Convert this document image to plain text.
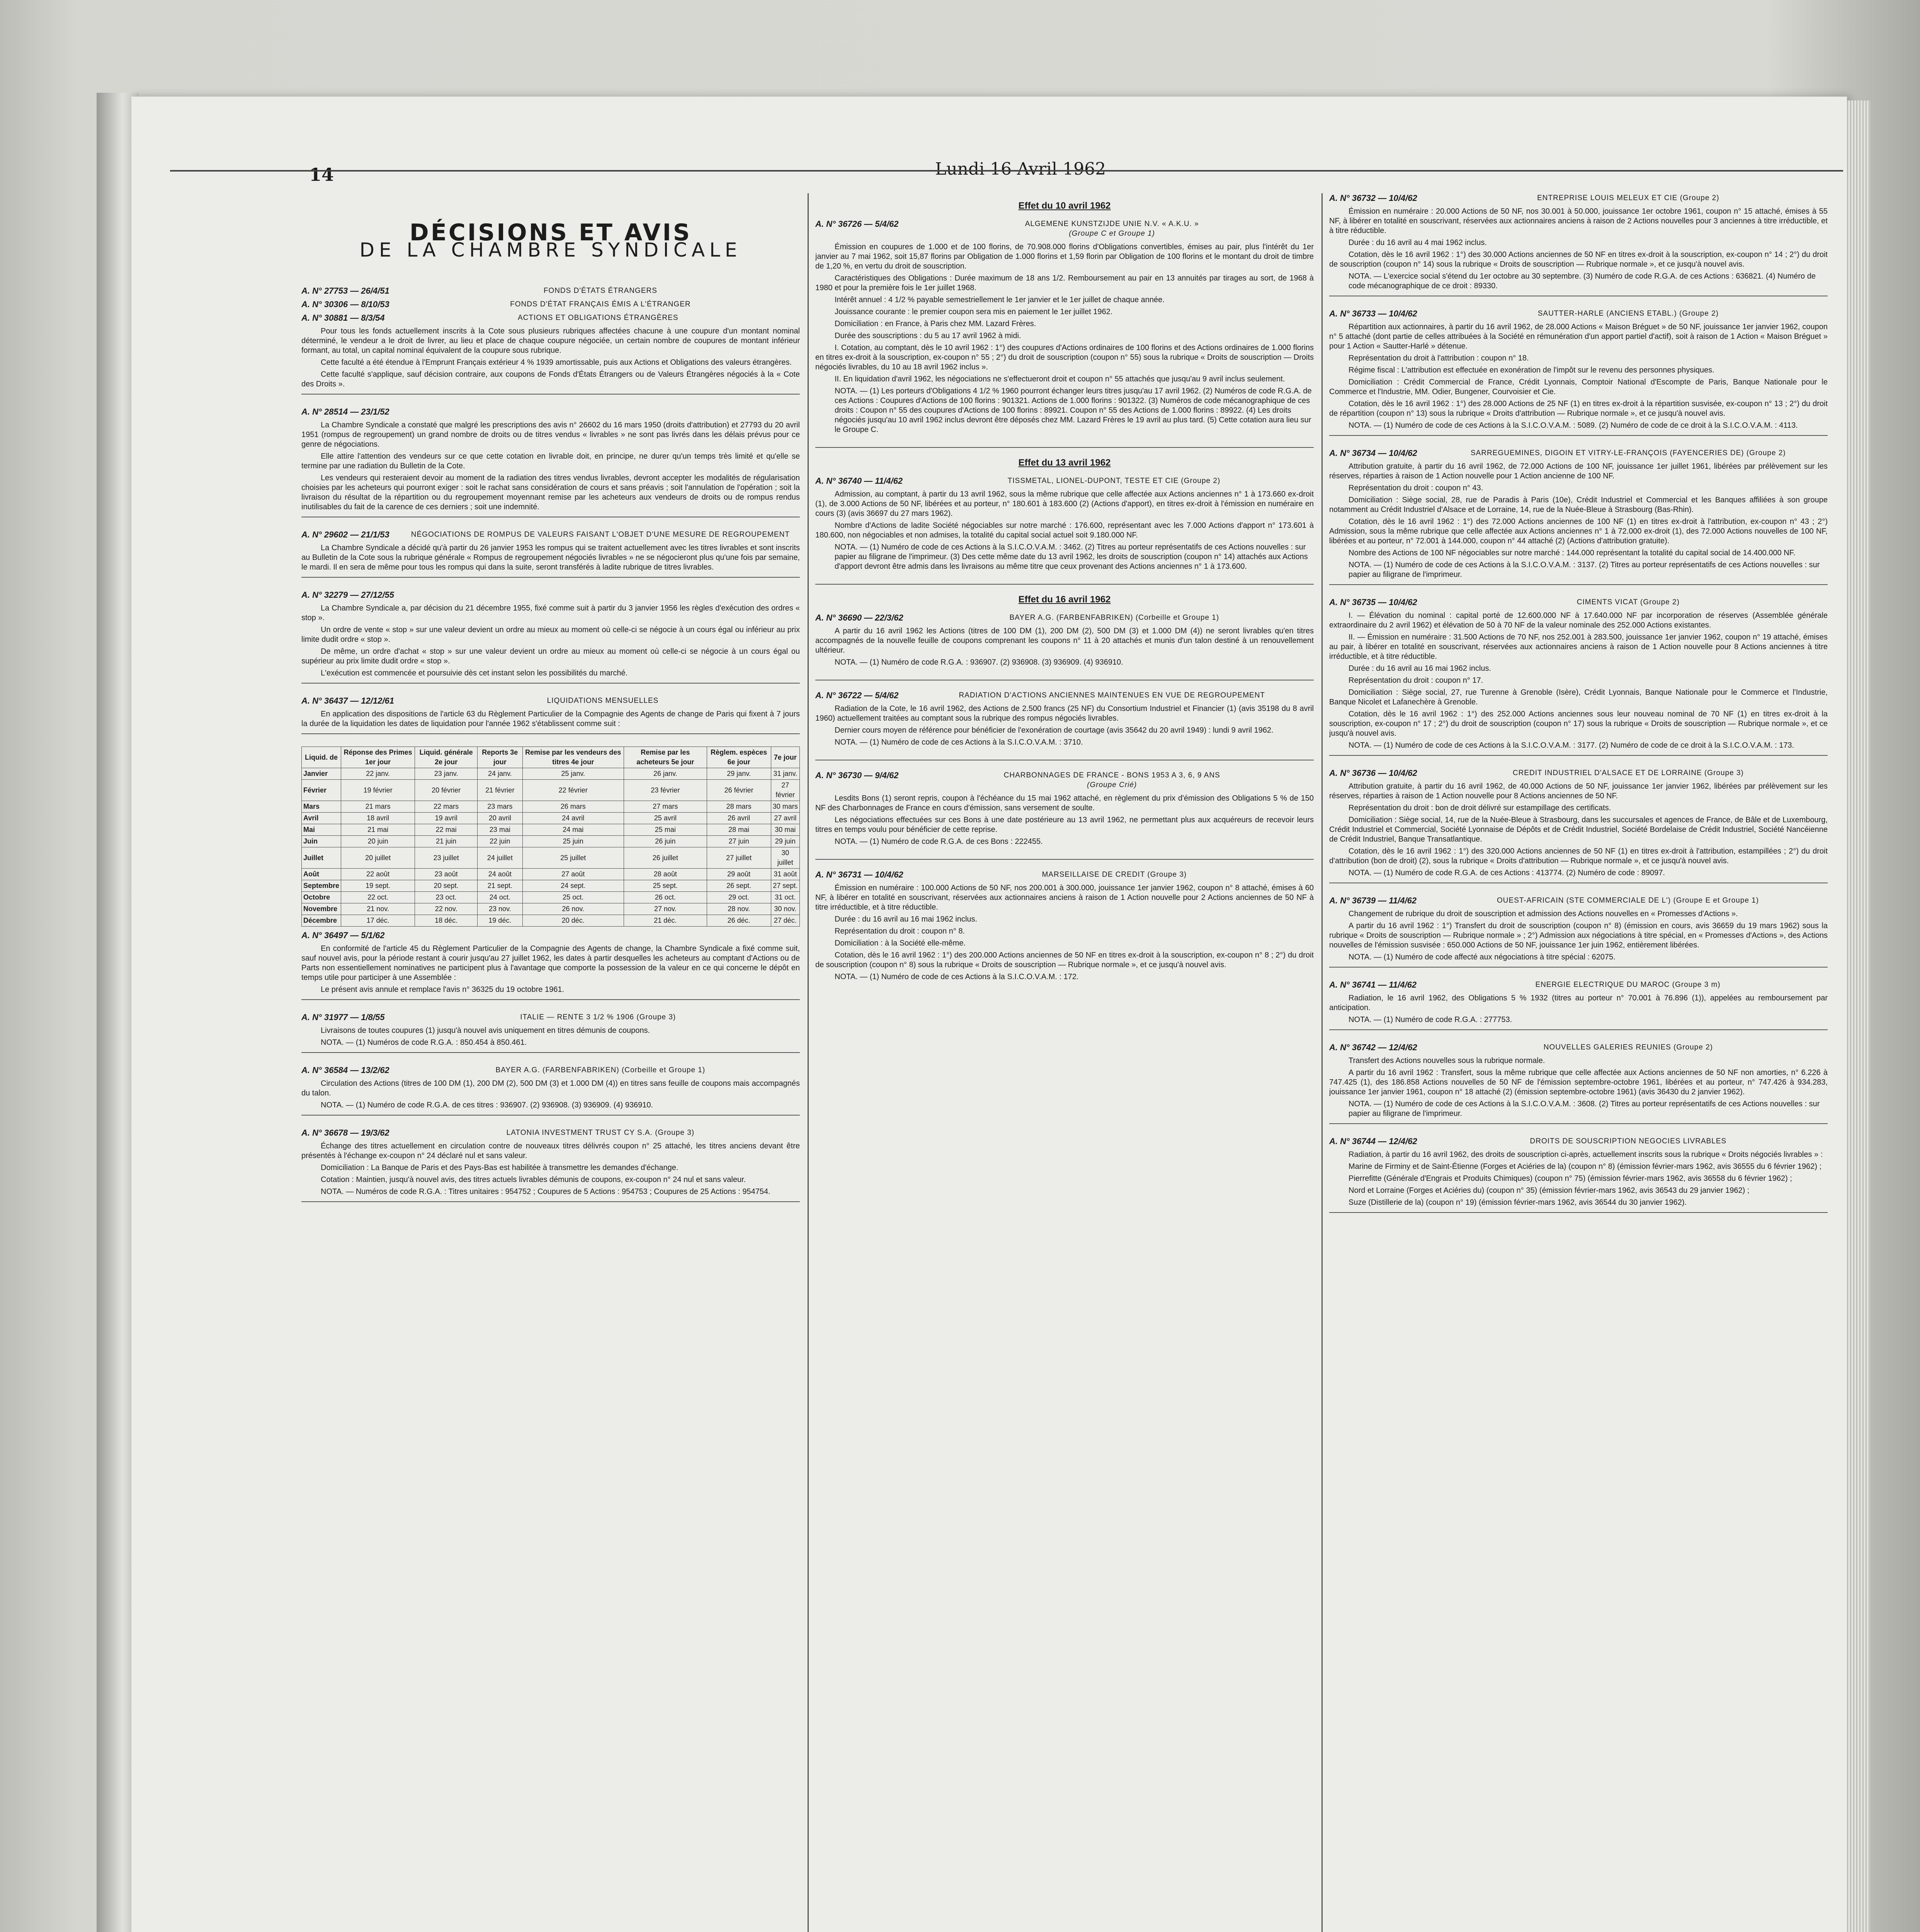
14	Lundi 16 Avril 1962
DÉCISIONS ET AVIS
DE LA CHAMBRE SYNDICALE
A. N° 27753 — 26/4/51	FONDS D'ÉTATS ÉTRANGERS
A. N° 30306 — 8/10/53	FONDS D'ÉTAT FRANÇAIS ÉMIS A L'ÉTRANGER
A. N° 30881 — 8/3/54	ACTIONS ET OBLIGATIONS ÉTRANGÈRES

Pour tous les fonds actuellement inscrits à la Cote sous plusieurs rubriques affectées chacune à une coupure d'un montant nominal déterminé, le vendeur a le droit de livrer, au lieu et place de chaque coupure négociée, un certain nombre de coupures de montant inférieur formant, au total, un capital nominal équivalent de la coupure sous rubrique.

Cette faculté a été étendue à l'Emprunt Français extérieur 4 % 1939 amortissable, puis aux Actions et Obligations des valeurs étrangères.

Cette faculté s'applique, sauf décision contraire, aux coupons de Fonds d'États Étrangers ou de Valeurs Étrangères négociés à la « Cote des Droits ».

A. N° 28514 — 23/1/52

La Chambre Syndicale a constaté que malgré les prescriptions des avis n° 26602 du 16 mars 1950 (droits d'attribution) et 27793 du 20 avril 1951 (rompus de regroupement) un grand nombre de droits ou de titres vendus « livrables » ne sont pas livrés dans les délais prévus pour ce genre de négociations.

Elle attire l'attention des vendeurs sur ce que cette cotation en livrable doit, en principe, ne durer qu'un temps très limité et qu'elle se termine par une radiation du Bulletin de la Cote.

Les vendeurs qui resteraient devoir au moment de la radiation des titres vendus livrables, devront accepter les modalités de régularisation choisies par les acheteurs qui pourront exiger : soit le rachat sans considération de cours et sans préavis ; soit l'annulation de l'opération ; soit la livraison du résultat de la répartition ou du regroupement moyennant remise par les acheteurs aux vendeurs de droits ou de rompus rendus inutilisables du fait de la carence de ces derniers ; soit une indemnité.

A. N° 29602 — 21/1/53	NÉGOCIATIONS DE ROMPUS DE VALEURS FAISANT L'OBJET D'UNE MESURE DE REGROUPEMENT

La Chambre Syndicale a décidé qu'à partir du 26 janvier 1953 les rompus qui se traitent actuellement avec les titres livrables et sont inscrits au Bulletin de la Cote sous la rubrique générale « Rompus de regroupement négociés livrables » ne se négocieront plus qu'une fois par semaine, le mardi. Il en sera de même pour tous les rompus qui dans la suite, seront transférés à ladite rubrique de titres livrables.

A. N° 32279 — 27/12/55

La Chambre Syndicale a, par décision du 21 décembre 1955, fixé comme suit à partir du 3 janvier 1956 les règles d'exécution des ordres « stop ».

Un ordre de vente « stop » sur une valeur devient un ordre au mieux au moment où celle-ci se négocie à un cours égal ou inférieur au prix limite dudit ordre « stop ».

De même, un ordre d'achat « stop » sur une valeur devient un ordre au mieux au moment où celle-ci se négocie à un cours égal ou supérieur au prix limite dudit ordre « stop ».

L'exécution est commencée et poursuivie dès cet instant selon les possibilités du marché.

A. N° 36437 — 12/12/61	LIQUIDATIONS MENSUELLES

En application des dispositions de l'article 63 du Règlement Particulier de la Compagnie des Agents de change de Paris qui fixent à 7 jours la durée de la liquidation les dates de liquidation pour l'année 1962 s'établissent comme suit :

Liquid. de	Réponse des Primes 1er jour	Liquid. générale 2e jour	Reports 3e jour	Remise par les vendeurs des titres 4e jour	Remise par les acheteurs 5e jour	Règlem. espèces 6e jour	7e jour
Janvier	22 janv.	23 janv.	24 janv.	25 janv.	26 janv.	29 janv.	31 janv.
Février	19 février	20 février	21 février	22 février	23 février	26 février	27 février
Mars	21 mars	22 mars	23 mars	26 mars	27 mars	28 mars	30 mars
Avril	18 avril	19 avril	20 avril	24 avril	25 avril	26 avril	27 avril
Mai	21 mai	22 mai	23 mai	24 mai	25 mai	28 mai	30 mai
Juin	20 juin	21 juin	22 juin	25 juin	26 juin	27 juin	29 juin
Juillet	20 juillet	23 juillet	24 juillet	25 juillet	26 juillet	27 juillet	30 juillet
Août	22 août	23 août	24 août	27 août	28 août	29 août	31 août
Septembre	19 sept.	20 sept.	21 sept.	24 sept.	25 sept.	26 sept.	27 sept.
Octobre	22 oct.	23 oct.	24 oct.	25 oct.	26 oct.	29 oct.	31 oct.
Novembre	21 nov.	22 nov.	23 nov.	26 nov.	27 nov.	28 nov.	30 nov.
Décembre	17 déc.	18 déc.	19 déc.	20 déc.	21 déc.	26 déc.	27 déc.
A. N° 36497 — 5/1/62

En conformité de l'article 45 du Règlement Particulier de la Compagnie des Agents de change, la Chambre Syndicale a fixé comme suit, sauf nouvel avis, pour la période restant à courir jusqu'au 27 juillet 1962, les dates à partir desquelles les acheteurs au comptant d'Actions ou de Parts non essentiellement nominatives ne participent plus à l'avantage que comporte la possession de la valeur en ce qui concerne le dépôt en temps utile pour participer à une Assemblée :

Le présent avis annule et remplace l'avis n° 36325 du 19 octobre 1961.

A. N° 31977 — 1/8/55	ITALIE — RENTE 3 1/2 % 1906 (Groupe 3)

Livraisons de toutes coupures (1) jusqu'à nouvel avis uniquement en titres démunis de coupons.

NOTA. — (1) Numéros de code R.G.A. : 850.454 à 850.461.

A. N° 36584 — 13/2/62	BAYER A.G. (FARBENFABRIKEN) (Corbeille et Groupe 1)

Circulation des Actions (titres de 100 DM (1), 200 DM (2), 500 DM (3) et 1.000 DM (4)) en titres sans feuille de coupons mais accompagnés du talon.

NOTA. — (1) Numéro de code R.G.A. de ces titres : 936907. (2) 936908. (3) 936909. (4) 936910.

A. N° 36678 — 19/3/62	LATONIA INVESTMENT TRUST CY S.A. (Groupe 3)

Échange des titres actuellement en circulation contre de nouveaux titres délivrés coupon n° 25 attaché, les titres anciens devant être présentés à l'échange ex-coupon n° 24 déclaré nul et sans valeur.

Domiciliation : La Banque de Paris et des Pays-Bas est habilitée à transmettre les demandes d'échange.

Cotation : Maintien, jusqu'à nouvel avis, des titres actuels livrables démunis de coupons, ex-coupon n° 24 nul et sans valeur.

NOTA. — Numéros de code R.G.A. : Titres unitaires : 954752 ; Coupures de 5 Actions : 954753 ; Coupures de 25 Actions : 954754.

Effet du 10 avril 1962
A. N° 36726 — 5/4/62	ALGEMENE KUNSTZIJDE UNIE N.V. « A.K.U. »
(Groupe C et Groupe 1)

Émission en coupures de 1.000 et de 100 florins, de 70.908.000 florins d'Obligations convertibles, émises au pair, plus l'intérêt du 1er janvier au 7 mai 1962, soit 15,87 florins par Obligation de 1.000 florins et 1,59 florin par Obligation de 100 florins et le montant du droit de timbre de 1,20 %, en vertu du droit de souscription.

Caractéristiques des Obligations : Durée maximum de 18 ans 1/2. Remboursement au pair en 13 annuités par tirages au sort, de 1968 à 1980 et pour la première fois le 1er juillet 1968.

Intérêt annuel : 4 1/2 % payable semestriellement le 1er janvier et le 1er juillet de chaque année.

Jouissance courante : le premier coupon sera mis en paiement le 1er juillet 1962.

Domiciliation : en France, à Paris chez MM. Lazard Frères.

Durée des souscriptions : du 5 au 17 avril 1962 à midi.

I. Cotation, au comptant, dès le 10 avril 1962 : 1°) des coupures d'Actions ordinaires de 100 florins et des Actions ordinaires de 1.000 florins en titres ex-droit à la souscription, ex-coupon n° 55 ; 2°) du droit de souscription (coupon n° 55) sous la rubrique « Droits de souscription — Droits négociés livrables, du 10 au 18 avril 1962 inclus ».

II. En liquidation d'avril 1962, les négociations ne s'effectueront droit et coupon n° 55 attachés que jusqu'au 9 avril inclus seulement.

NOTA. — (1) Les porteurs d'Obligations 4 1/2 % 1960 pourront échanger leurs titres jusqu'au 17 avril 1962. (2) Numéros de code R.G.A. de ces Actions : Coupures d'Actions de 100 florins : 901321. Actions de 1.000 florins : 901322. (3) Numéros de code mécanographique de ces droits : Coupon n° 55 des coupures d'Actions de 100 florins : 89921. Coupon n° 55 des Actions de 1.000 florins : 89922. (4) Les droits négociés jusqu'au 10 avril 1962 inclus devront être déposés chez MM. Lazard Frères le 19 avril au plus tard. (5) Cette cotation aura lieu sur le Groupe C.

Effet du 13 avril 1962
A. N° 36740 — 11/4/62	TISSMETAL, LIONEL-DUPONT, TESTE ET CIE (Groupe 2)

Admission, au comptant, à partir du 13 avril 1962, sous la même rubrique que celle affectée aux Actions anciennes n° 1 à 173.660 ex-droit (1), de 3.000 Actions de 50 NF, libérées et au porteur, n° 180.601 à 183.600 (2) (Actions d'apport), en titres ex-droit à l'émission en numéraire en cours (3) (avis 36697 du 27 mars 1962).

Nombre d'Actions de ladite Société négociables sur notre marché : 176.600, représentant avec les 7.000 Actions d'apport n° 173.601 à 180.600, non négociables et non admises, la totalité du capital social actuel soit 9.180.000 NF.

NOTA. — (1) Numéro de code de ces Actions à la S.I.C.O.V.A.M. : 3462. (2) Titres au porteur représentatifs de ces Actions nouvelles : sur papier au filigrane de l'imprimeur. (3) Des cette même date du 13 avril 1962, les droits de souscription (coupon n° 14) attachés aux Actions d'apport devront être admis dans les livraisons au même titre que ceux provenant des Actions anciennes n° 1 à 173.600.

Effet du 16 avril 1962
A. N° 36690 — 22/3/62	BAYER A.G. (FARBENFABRIKEN) (Corbeille et Groupe 1)

A partir du 16 avril 1962 les Actions (titres de 100 DM (1), 200 DM (2), 500 DM (3) et 1.000 DM (4)) ne seront livrables qu'en titres accompagnés de la nouvelle feuille de coupons comprenant les coupons n° 11 à 20 attachés et munis d'un talon destiné à un renouvellement ultérieur.

NOTA. — (1) Numéro de code R.G.A. : 936907. (2) 936908. (3) 936909. (4) 936910.

A. N° 36722 — 5/4/62	RADIATION D'ACTIONS ANCIENNES MAINTENUES EN VUE DE REGROUPEMENT

Radiation de la Cote, le 16 avril 1962, des Actions de 2.500 francs (25 NF) du Consortium Industriel et Financier (1) (avis 35198 du 8 avril 1960) actuellement traitées au comptant sous la rubrique des rompus négociés livrables.

Dernier cours moyen de référence pour bénéficier de l'exonération de courtage (avis 35642 du 20 avril 1949) : lundi 9 avril 1962.

NOTA. — (1) Numéro de code de ces Actions à la S.I.C.O.V.A.M. : 3710.

A. N° 36730 — 9/4/62	CHARBONNAGES DE FRANCE - BONS 1953 A 3, 6, 9 ANS
(Groupe Crié)

Lesdits Bons (1) seront repris, coupon à l'échéance du 15 mai 1962 attaché, en règlement du prix d'émission des Obligations 5 % de 150 NF des Charbonnages de France en cours d'émission, sans versement de soulte.

Les négociations effectuées sur ces Bons à une date postérieure au 13 avril 1962, ne permettant plus aux acquéreurs de recevoir leurs titres en temps voulu pour bénéficier de cette reprise.

NOTA. — (1) Numéro de code R.G.A. de ces Bons : 222455.

A. N° 36731 — 10/4/62	MARSEILLAISE DE CREDIT (Groupe 3)

Émission en numéraire : 100.000 Actions de 50 NF, nos 200.001 à 300.000, jouissance 1er janvier 1962, coupon n° 8 attaché, émises à 60 NF, à libérer en totalité en souscrivant, réservées aux actionnaires anciens à raison de 1 Action nouvelle pour 2 Actions anciennes de 50 NF à titre irréductible, et à titre réductible.

Durée : du 16 avril au 16 mai 1962 inclus.

Représentation du droit : coupon n° 8.

Domiciliation : à la Société elle-même.

Cotation, dès le 16 avril 1962 : 1°) des 200.000 Actions anciennes de 50 NF en titres ex-droit à la souscription, ex-coupon n° 8 ; 2°) du droit de souscription (coupon n° 8) sous la rubrique « Droits de souscription — Rubrique normale », et ce jusqu'à nouvel avis.

NOTA. — (1) Numéro de code de ces Actions à la S.I.C.O.V.A.M. : 172.

A. N° 36732 — 10/4/62	ENTREPRISE LOUIS MELEUX ET CIE (Groupe 2)

Émission en numéraire : 20.000 Actions de 50 NF, nos 30.001 à 50.000, jouissance 1er octobre 1961, coupon n° 15 attaché, émises à 55 NF, à libérer en totalité en souscrivant, réservées aux actionnaires anciens à raison de 2 Actions nouvelles pour 3 anciennes à titre irréductible, et à titre réductible.

Durée : du 16 avril au 4 mai 1962 inclus.

Cotation, dès le 16 avril 1962 : 1°) des 30.000 Actions anciennes de 50 NF en titres ex-droit à la souscription, ex-coupon n° 14 ; 2°) du droit de souscription (coupon n° 14) sous la rubrique « Droits de souscription — Rubrique normale », et ce jusqu'à nouvel avis.

NOTA. — L'exercice social s'étend du 1er octobre au 30 septembre. (3) Numéro de code R.G.A. de ces Actions : 636821. (4) Numéro de code mécanographique de ce droit : 89330.

A. N° 36733 — 10/4/62	SAUTTER-HARLE (ANCIENS ETABL.) (Groupe 2)

Répartition aux actionnaires, à partir du 16 avril 1962, de 28.000 Actions « Maison Bréguet » de 50 NF, jouissance 1er janvier 1962, coupon n° 5 attaché (dont partie de celles attribuées à la Société en rémunération d'un apport partiel d'actif), soit à raison de 1 Action « Maison Bréguet » pour 1 Action « Sautter-Harlé » détenue.

Représentation du droit à l'attribution : coupon n° 18.

Régime fiscal : L'attribution est effectuée en exonération de l'impôt sur le revenu des personnes physiques.

Domiciliation : Crédit Commercial de France, Crédit Lyonnais, Comptoir National d'Escompte de Paris, Banque Nationale pour le Commerce et l'Industrie, MM. Odier, Bungener, Courvoisier et Cie.

Cotation, dès le 16 avril 1962 : 1°) des 28.000 Actions de 25 NF (1) en titres ex-droit à la répartition susvisée, ex-coupon n° 13 ; 2°) du droit de répartition (coupon n° 13) sous la rubrique « Droits d'attribution — Rubrique normale », et ce jusqu'à nouvel avis.

NOTA. — (1) Numéro de code de ces Actions à la S.I.C.O.V.A.M. : 5089. (2) Numéro de code de ce droit à la S.I.C.O.V.A.M. : 4113.

A. N° 36734 — 10/4/62	SARREGUEMINES, DIGOIN ET VITRY-LE-FRANÇOIS (FAYENCERIES DE) (Groupe 2)

Attribution gratuite, à partir du 16 avril 1962, de 72.000 Actions de 100 NF, jouissance 1er juillet 1961, libérées par prélèvement sur les réserves, réparties à raison de 1 Action nouvelle pour 1 Action ancienne de 100 NF.

Représentation du droit : coupon n° 43.

Domiciliation : Siège social, 28, rue de Paradis à Paris (10e), Crédit Industriel et Commercial et les Banques affiliées à son groupe notamment au Crédit Industriel d'Alsace et de Lorraine, 14, rue de la Nuée-Bleue à Strasbourg (Bas-Rhin).

Cotation, dès le 16 avril 1962 : 1°) des 72.000 Actions anciennes de 100 NF (1) en titres ex-droit à l'attribution, ex-coupon n° 43 ; 2°) Admission, sous la même rubrique que celle affectée aux Actions anciennes n° 1 à 72.000 ex-droit (1), des 72.000 Actions nouvelles de 100 NF, libérées et au porteur, n° 72.001 à 144.000, coupon n° 44 attaché (2) (Actions d'attribution gratuite).

Nombre des Actions de 100 NF négociables sur notre marché : 144.000 représentant la totalité du capital social de 14.400.000 NF.

NOTA. — (1) Numéro de code de ces Actions à la S.I.C.O.V.A.M. : 3137. (2) Titres au porteur représentatifs de ces Actions nouvelles : sur papier au filigrane de l'imprimeur.

A. N° 36735 — 10/4/62	CIMENTS VICAT (Groupe 2)

I. — Élévation du nominal : capital porté de 12.600.000 NF à 17.640.000 NF par incorporation de réserves (Assemblée générale extraordinaire du 2 avril 1962) et élévation de 50 à 70 NF de la valeur nominale des 252.000 Actions existantes.

II. — Émission en numéraire : 31.500 Actions de 70 NF, nos 252.001 à 283.500, jouissance 1er janvier 1962, coupon n° 19 attaché, émises au pair, à libérer en totalité en souscrivant, réservées aux actionnaires anciens à raison de 1 Action nouvelle pour 8 Actions anciennes à titre irréductible, et à titre réductible.

Durée : du 16 avril au 16 mai 1962 inclus.

Représentation du droit : coupon n° 17.

Domiciliation : Siège social, 27, rue Turenne à Grenoble (Isère), Crédit Lyonnais, Banque Nationale pour le Commerce et l'Industrie, Banque Nicolet et Lafanechère à Grenoble.

Cotation, dès le 16 avril 1962 : 1°) des 252.000 Actions anciennes sous leur nouveau nominal de 70 NF (1) en titres ex-droit à la souscription, ex-coupon n° 17 ; 2°) du droit de souscription (coupon n° 17) sous la rubrique « Droits de souscription — Rubrique normale », et ce jusqu'à nouvel avis.

NOTA. — (1) Numéro de code de ces Actions à la S.I.C.O.V.A.M. : 3177. (2) Numéro de code de ce droit à la S.I.C.O.V.A.M. : 173.

A. N° 36736 — 10/4/62	CREDIT INDUSTRIEL D'ALSACE ET DE LORRAINE (Groupe 3)

Attribution gratuite, à partir du 16 avril 1962, de 40.000 Actions de 50 NF, jouissance 1er janvier 1962, libérées par prélèvement sur les réserves, réparties à raison de 1 Action nouvelle pour 8 Actions anciennes de 50 NF.

Représentation du droit : bon de droit délivré sur estampillage des certificats.

Domiciliation : Siège social, 14, rue de la Nuée-Bleue à Strasbourg, dans les succursales et agences de France, de Bâle et de Luxembourg, Crédit Industriel et Commercial, Société Lyonnaise de Dépôts et de Crédit Industriel, Société Bordelaise de Crédit Industriel, Société Nancéienne de Crédit Industriel, Banque Transatlantique.

Cotation, dès le 16 avril 1962 : 1°) des 320.000 Actions anciennes de 50 NF (1) en titres ex-droit à l'attribution, estampillées ; 2°) du droit d'attribution (bon de droit) (2), sous la rubrique « Droits d'attribution — Rubrique normale », et ce jusqu'à nouvel avis.

NOTA. — (1) Numéro de code R.G.A. de ces Actions : 413774. (2) Numéro de code : 89097.

A. N° 36739 — 11/4/62	OUEST-AFRICAIN (STE COMMERCIALE DE L') (Groupe E et Groupe 1)

Changement de rubrique du droit de souscription et admission des Actions nouvelles en « Promesses d'Actions ».

A partir du 16 avril 1962 : 1°) Transfert du droit de souscription (coupon n° 8) (émission en cours, avis 36659 du 19 mars 1962) sous la rubrique « Droits de souscription — Rubrique normale » ; 2°) Admission aux négociations à titre spécial, en « Promesses d'Actions », des Actions nouvelles de l'émission susvisée : 650.000 Actions de 50 NF, jouissance 1er juin 1962, entièrement libérées.

NOTA. — (1) Numéro de code affecté aux négociations à titre spécial : 62075.

A. N° 36741 — 11/4/62	ENERGIE ELECTRIQUE DU MAROC (Groupe 3 m)

Radiation, le 16 avril 1962, des Obligations 5 % 1932 (titres au porteur n° 70.001 à 76.896 (1)), appelées au remboursement par anticipation.

NOTA. — (1) Numéro de code R.G.A. : 277753.

A. N° 36742 — 12/4/62	NOUVELLES GALERIES REUNIES (Groupe 2)

Transfert des Actions nouvelles sous la rubrique normale.

A partir du 16 avril 1962 : Transfert, sous la même rubrique que celle affectée aux Actions anciennes de 50 NF non amorties, n° 6.226 à 747.425 (1), des 186.858 Actions nouvelles de 50 NF de l'émission septembre-octobre 1961, libérées et au porteur, n° 747.426 à 934.283, jouissance 1er janvier 1961, coupon n° 18 attaché (2) (émission septembre-octobre 1961) (avis 36430 du 2 janvier 1962).

NOTA. — (1) Numéro de code de ces Actions à la S.I.C.O.V.A.M. : 3608. (2) Titres au porteur représentatifs de ces Actions nouvelles : sur papier au filigrane de l'imprimeur.

A. N° 36744 — 12/4/62	DROITS DE SOUSCRIPTION NEGOCIES LIVRABLES

Radiation, à partir du 16 avril 1962, des droits de souscription ci-après, actuellement inscrits sous la rubrique « Droits négociés livrables » :

Marine de Firminy et de Saint-Étienne (Forges et Aciéries de la) (coupon n° 8) (émission février-mars 1962, avis 36555 du 6 février 1962) ;

Pierrefitte (Générale d'Engrais et Produits Chimiques) (coupon n° 75) (émission février-mars 1962, avis 36558 du 6 février 1962) ;

Nord et Lorraine (Forges et Aciéries du) (coupon n° 35) (émission février-mars 1962, avis 36543 du 29 janvier 1962) ;

Suze (Distillerie de la) (coupon n° 19) (émission février-mars 1962, avis 36544 du 30 janvier 1962).
